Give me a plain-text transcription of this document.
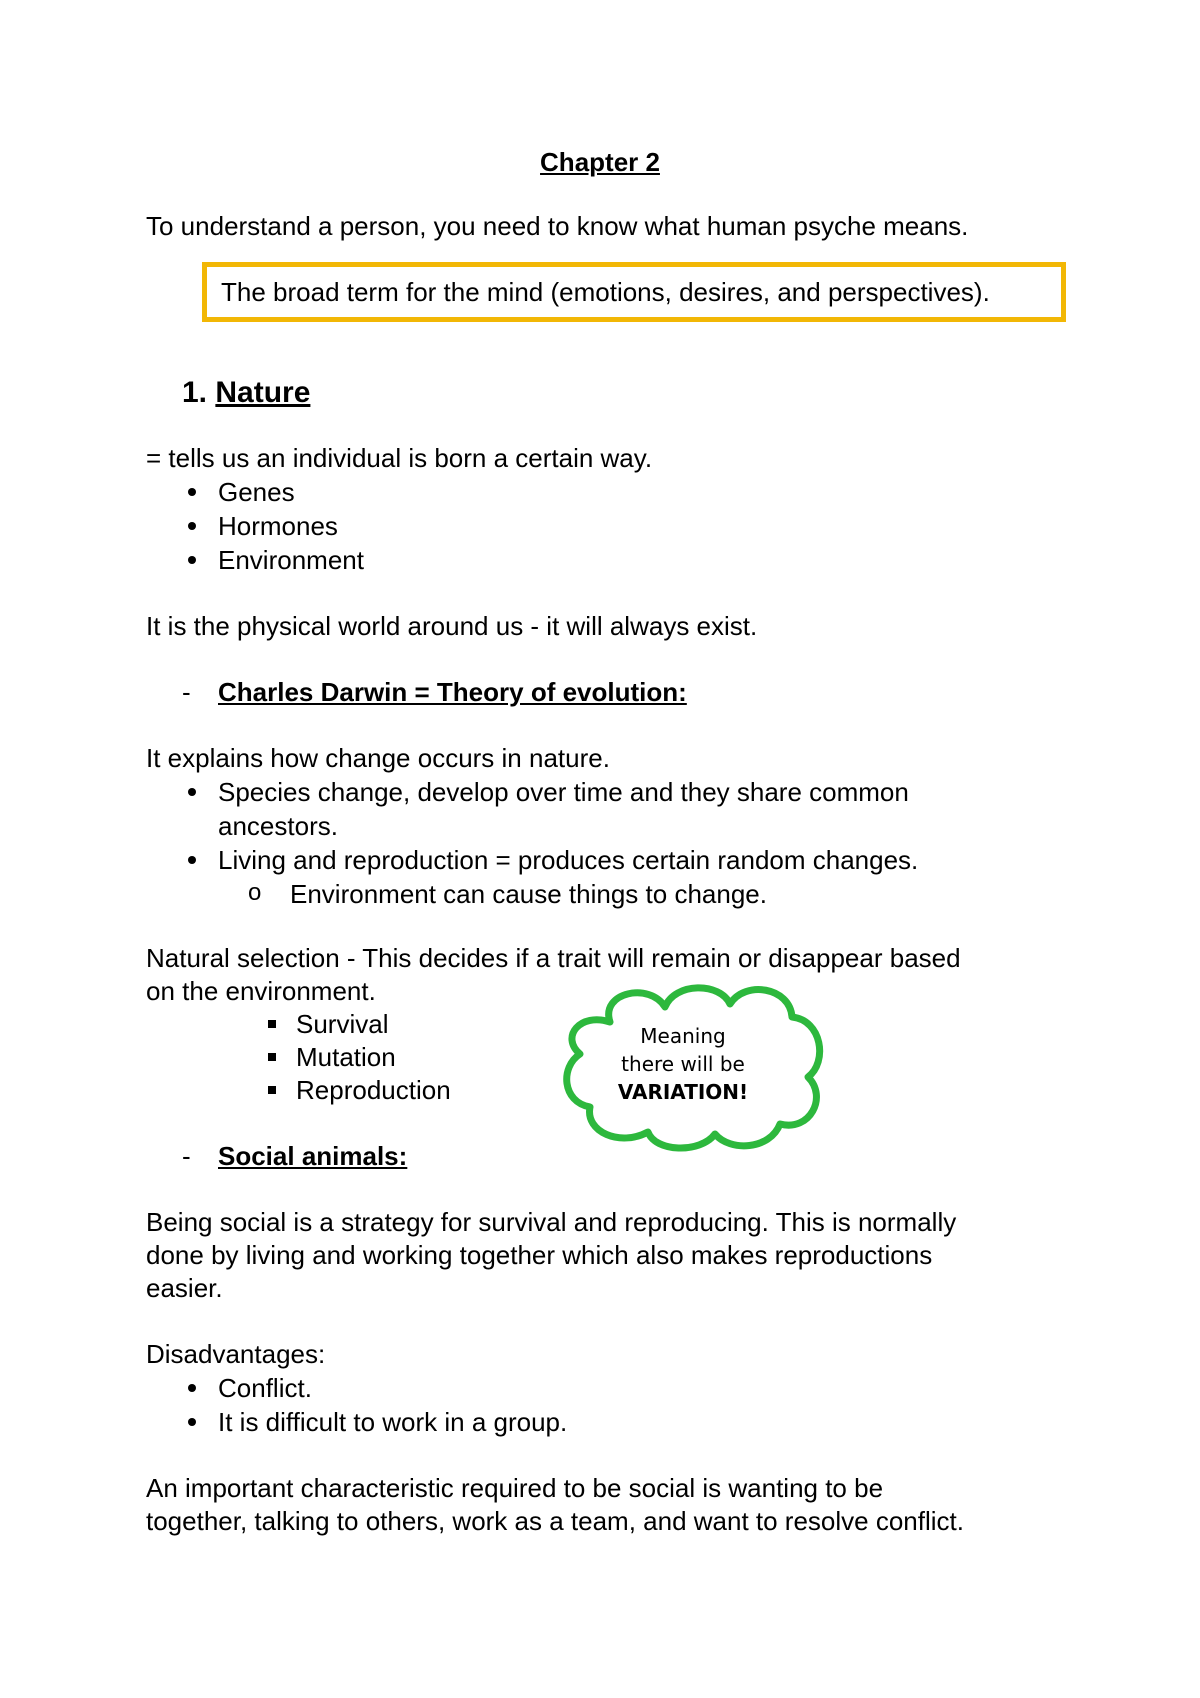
Chapter 2
To understand a person, you need to know what human psyche means.
The broad term for the mind (emotions, desires, and perspectives).
1. Nature
= tells us an individual is born a certain way.
Genes
Hormones
Environment
It is the physical world around us - it will always exist.
- Charles Darwin = Theory of evolution:
It explains how change occurs in nature.
Species change, develop over time and they share common
ancestors.
Living and reproduction = produces certain random changes.
o Environment can cause things to change.
Natural selection - This decides if a trait will remain or disappear based
on the environment.
Survival
Mutation
Reproduction
Meaning
there will be
VARIATION!
- Social animals:
Being social is a strategy for survival and reproducing. This is normally
done by living and working together which also makes reproductions
easier.
Disadvantages:
Conflict.
It is difficult to work in a group.
An important characteristic required to be social is wanting to be
together, talking to others, work as a team, and want to resolve conflict.
